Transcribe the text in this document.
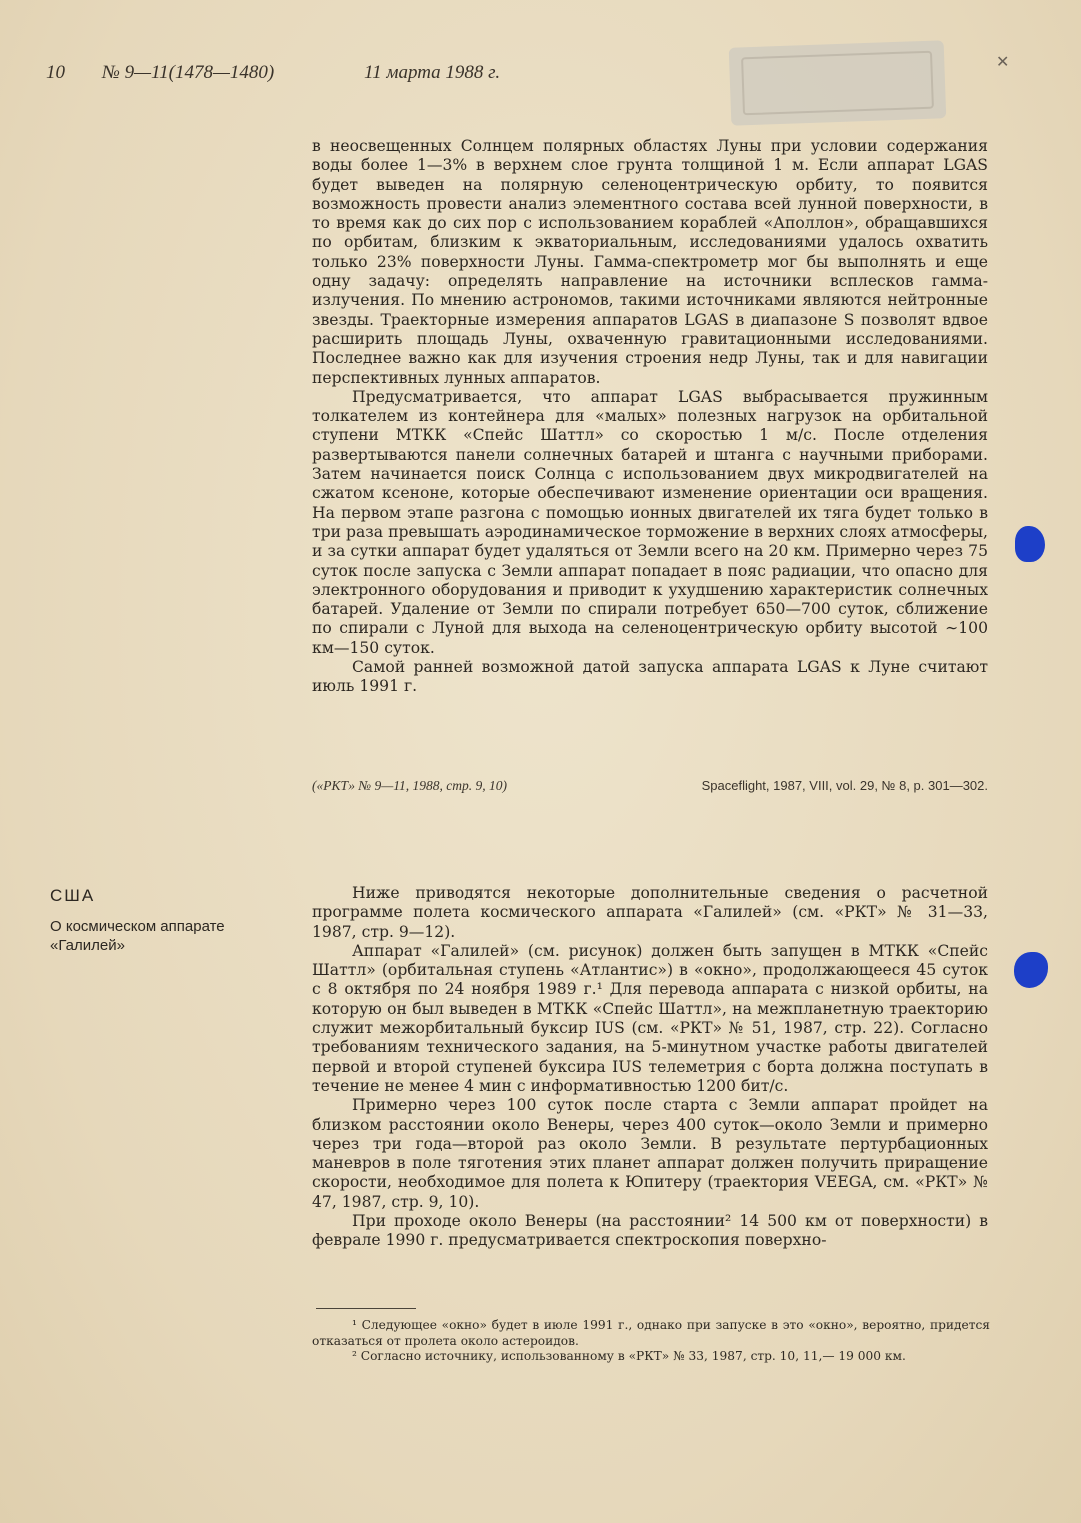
10 № 9—11(1478—1480)	11 марта 1988 г.
✕

в неосвещенных Солнцем полярных областях Луны при условии содержания воды более 1—3% в верхнем слое грунта толщиной 1 м. Если аппарат LGAS будет выведен на полярную селеноцентрическую орбиту, то появится возможность провести анализ элементного состава всей лунной поверхности, в то время как до сих пор с использованием кораблей «Аполлон», обращавшихся по орбитам, близким к экваториальным, исследованиями удалось охватить только 23% поверхности Луны. Гамма-спектрометр мог бы выполнять и еще одну задачу: определять направление на источники всплесков гамма-излучения. По мнению астрономов, такими источниками являются нейтронные звезды. Траекторные измерения аппаратов LGAS в диапазоне S позволят вдвое расширить площадь Луны, охваченную гравитационными исследованиями. Последнее важно как для изучения строения недр Луны, так и для навигации перспективных лунных аппаратов.

Предусматривается, что аппарат LGAS выбрасывается пружинным толкателем из контейнера для «малых» полезных нагрузок на орбитальной ступени МТКК «Спейс Шаттл» со скоростью 1 м/с. После отделения развертываются панели солнечных батарей и штанга с научными приборами. Затем начинается поиск Солнца с использованием двух микродвигателей на сжатом ксеноне, которые обеспечивают изменение ориентации оси вращения. На первом этапе разгона с помощью ионных двигателей их тяга будет только в три раза превышать аэродинамическое торможение в верхних слоях атмосферы, и за сутки аппарат будет удаляться от Земли всего на 20 км. Примерно через 75 суток после запуска с Земли аппарат попадает в пояс радиации, что опасно для электронного оборудования и приводит к ухудшению характеристик солнечных батарей. Удаление от Земли по спирали потребует 650—700 суток, сближение по спирали с Луной для выхода на селеноцентрическую орбиту высотой ∼100 км—150 суток.

Самой ранней возможной датой запуска аппарата LGAS к Луне считают июль 1991 г.

(«РКТ» № 9—11, 1988, стр. 9, 10)	Spaceflight, 1987, VIII, vol. 29, № 8, p. 301—302.
США
О космическом аппарате «Галилей»

Ниже приводятся некоторые дополнительные сведения о расчетной программе полета космического аппарата «Галилей» (см. «РКТ» № 31—33, 1987, стр. 9—12).

Аппарат «Галилей» (см. рисунок) должен быть запущен в МТКК «Спейс Шаттл» (орбитальная ступень «Атлантис») в «окно», продолжающееся 45 суток с 8 октября по 24 ноября 1989 г.¹ Для перевода аппарата с низкой орбиты, на которую он был выведен в МТКК «Спейс Шаттл», на межпланетную траекторию служит межорбитальный буксир IUS (см. «РКТ» № 51, 1987, стр. 22). Согласно требованиям технического задания, на 5-минутном участке работы двигателей первой и второй ступеней буксира IUS телеметрия с борта должна поступать в течение не менее 4 мин с информативностью 1200 бит/с.

Примерно через 100 суток после старта с Земли аппарат пройдет на близком расстоянии около Венеры, через 400 суток—около Земли и примерно через три года—второй раз около Земли. В результате пертурбационных маневров в поле тяготения этих планет аппарат должен получить приращение скорости, необходимое для полета к Юпитеру (траектория VEEGA, см. «РКТ» № 47, 1987, стр. 9, 10).

При проходе около Венеры (на расстоянии² 14 500 км от поверхности) в феврале 1990 г. предусматривается спектроскопия поверхно-

¹ Следующее «окно» будет в июле 1991 г., однако при запуске в это «окно», вероятно, придется отказаться от пролета около астероидов.

² Согласно источнику, использованному в «РКТ» № 33, 1987, стр. 10, 11,— 19 000 км.
